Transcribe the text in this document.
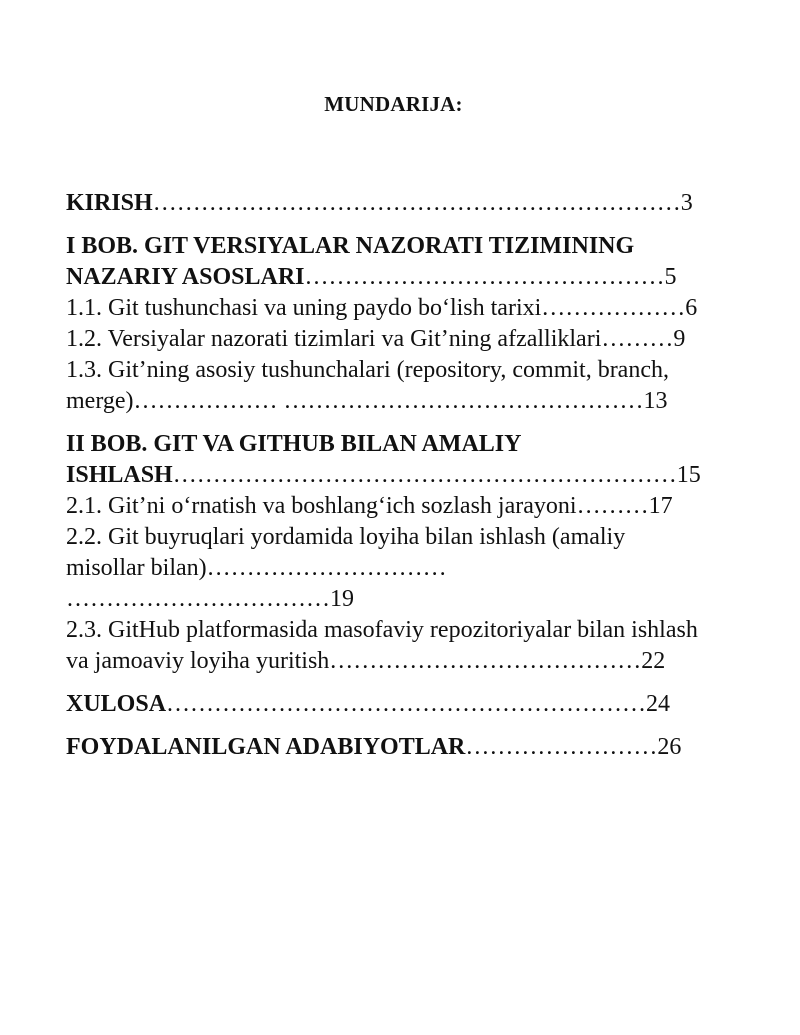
MUNDARIJA:
KIRISH…………………………………………………………3
I BOB. GIT VERSIYALAR NAZORATI TIZIMINING
NAZARIY ASOSLARI………………………………………5
1.1. Git tushunchasi va uning paydo bo‘lish tarixi………………6
1.2. Versiyalar nazorati tizimlari va Git’ning afzalliklari………9
1.3. Git’ning asosiy tushunchalari (repository, commit, branch,
merge)……………… ………………………………………13
II BOB. GIT VA GITHUB BILAN AMALIY
ISHLASH………………………………………………………15
2.1. Git’ni o‘rnatish va boshlang‘ich sozlash jarayoni………17
2.2. Git buyruqlari yordamida loyiha bilan ishlash (amaliy
misollar bilan)…………………………
……………………………19
2.3. GitHub platformasida masofaviy repozitoriyalar bilan ishlash
va jamoaviy loyiha yuritish…………………………………22
XULOSA……………………………………………………24
FOYDALANILGAN ADABIYOTLAR……………………26
